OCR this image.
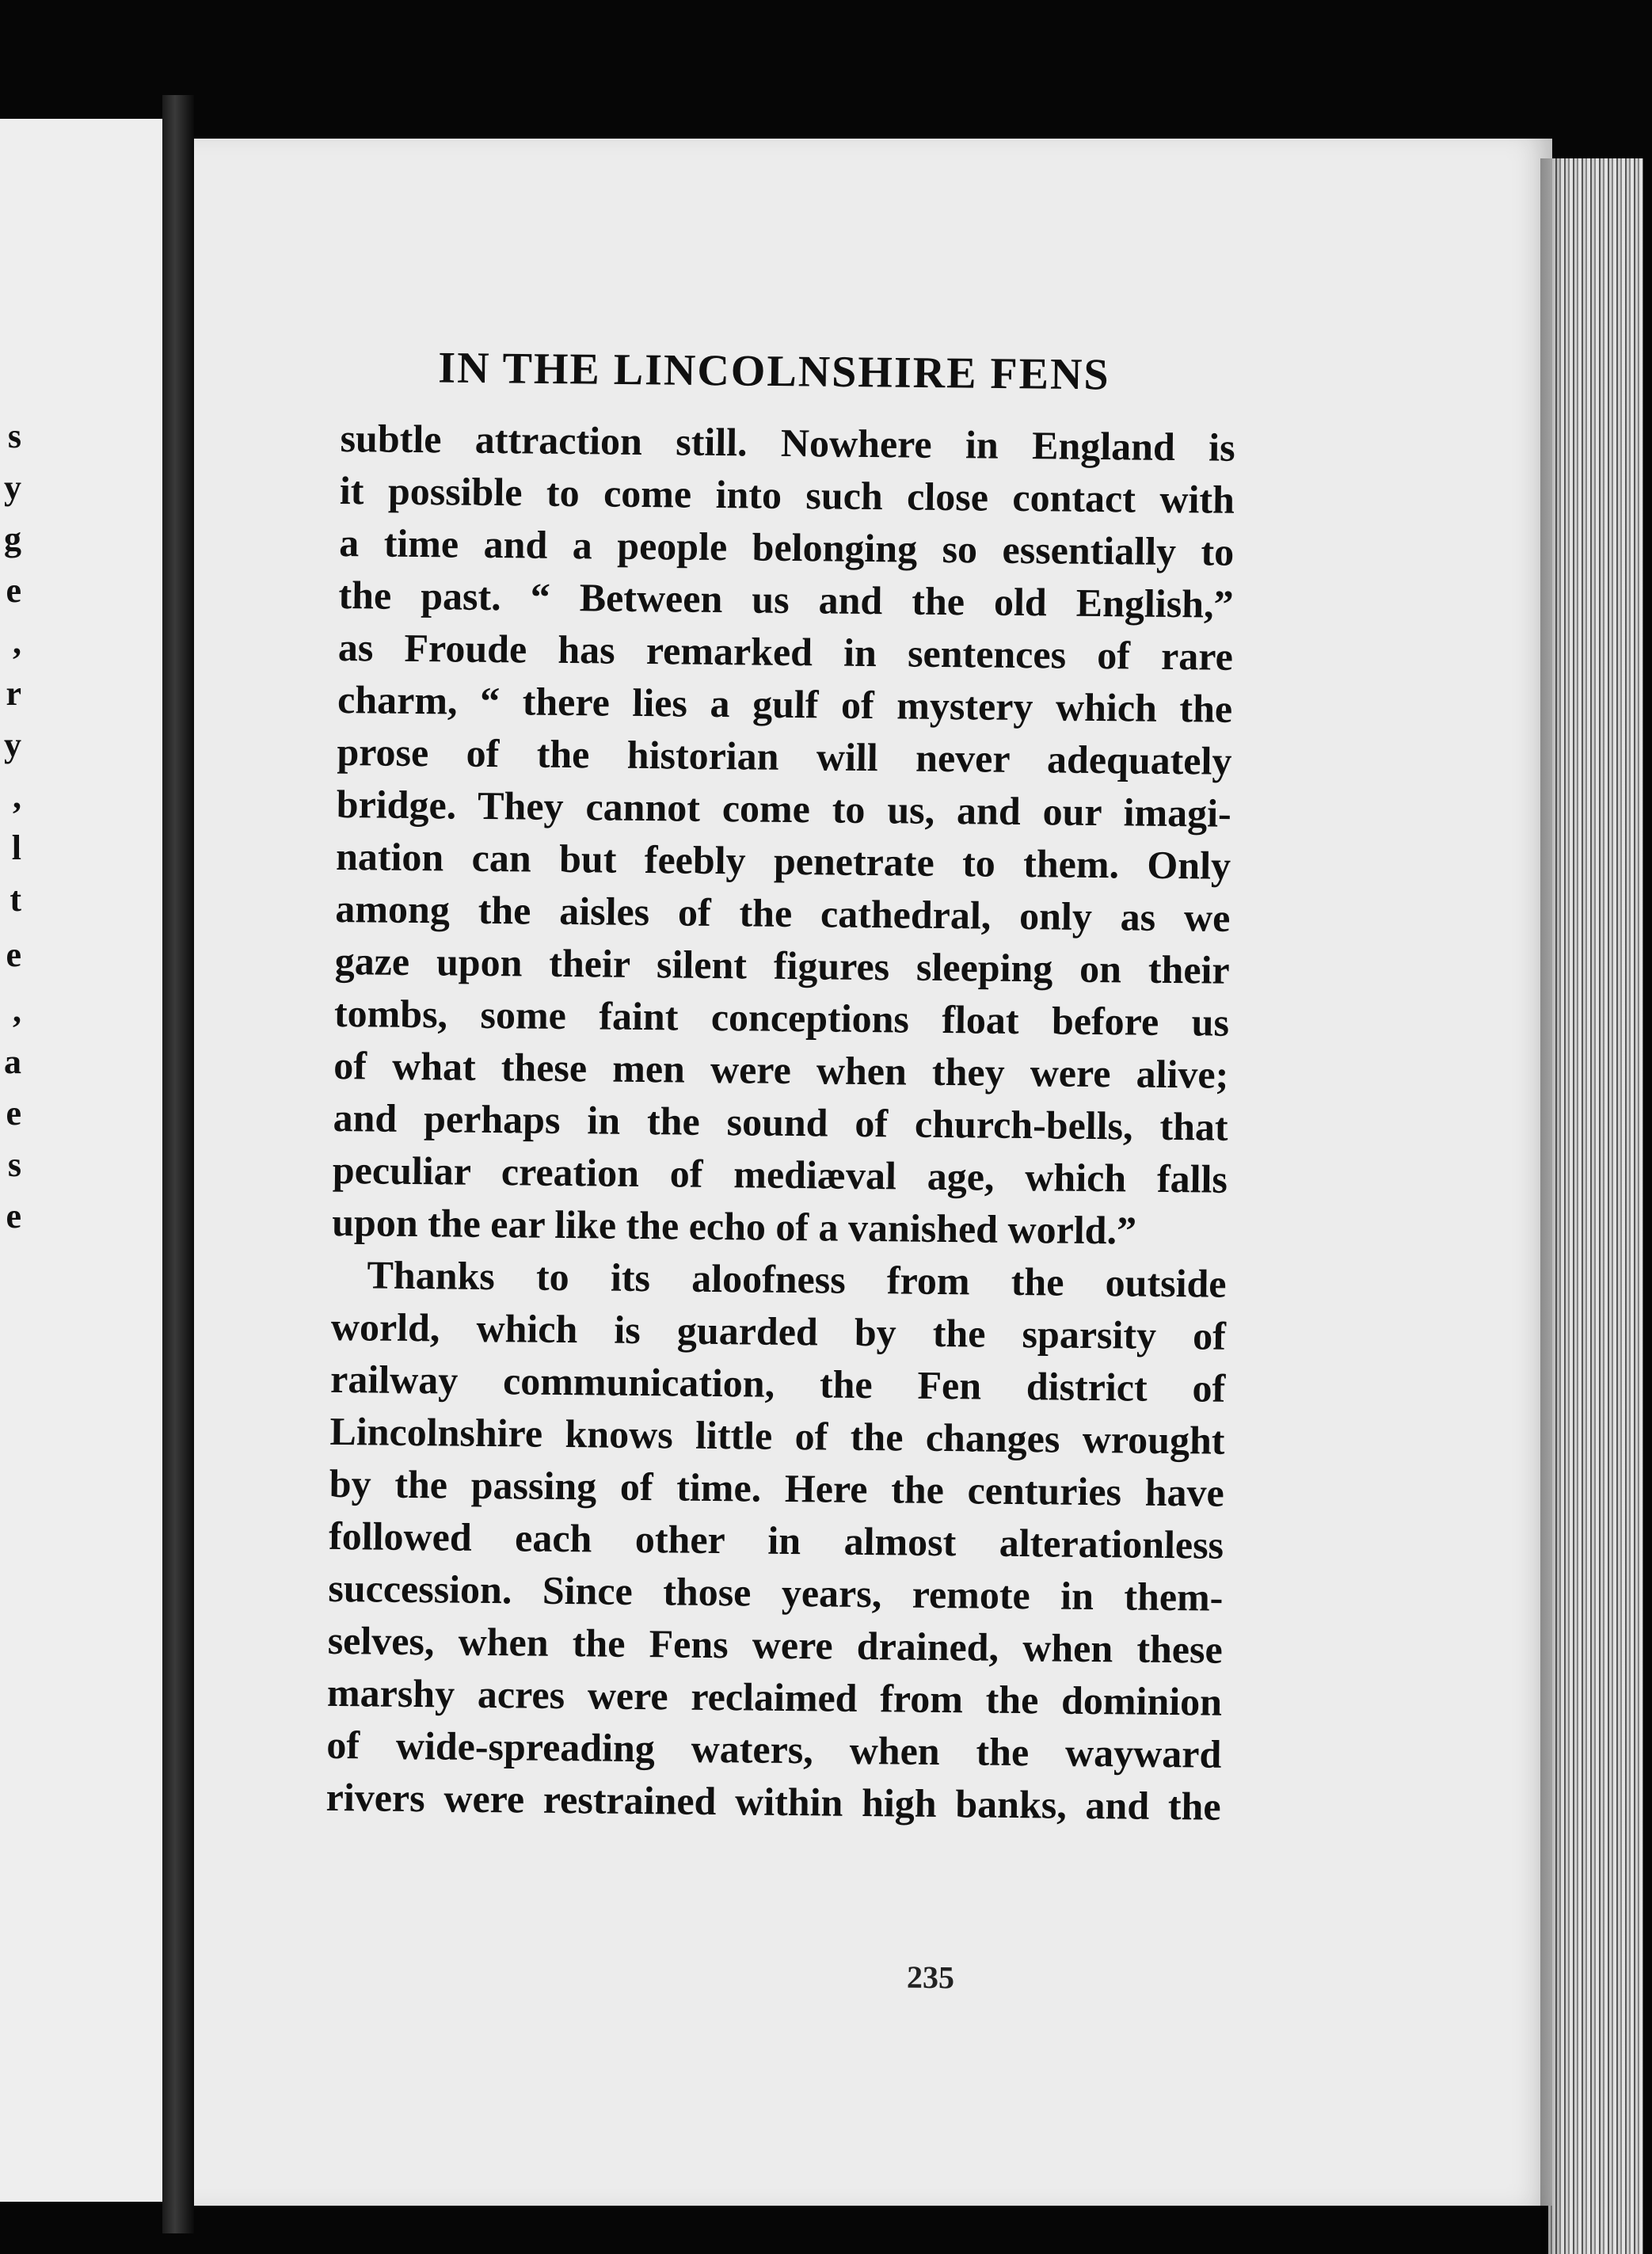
s
y
g
e
,
r
y
,
l
t
e
,
a
e
s
e
IN THE LINCOLNSHIRE FENS
subtle attraction still. Nowhere in England is
it possible to come into such close contact with
a time and a people belonging so essentially to
the past. “ Between us and the old English,”
as Froude has remarked in sentences of rare
charm, “ there lies a gulf of mystery which the
prose of the historian will never adequately
bridge. They cannot come to us, and our imagi-
nation can but feebly penetrate to them. Only
among the aisles of the cathedral, only as we
gaze upon their silent figures sleeping on their
tombs, some faint conceptions float before us
of what these men were when they were alive;
and perhaps in the sound of church-bells, that
peculiar creation of mediæval age, which falls
upon the ear like the echo of a vanished world.”
Thanks to its aloofness from the outside
world, which is guarded by the sparsity of
railway communication, the Fen district of
Lincolnshire knows little of the changes wrought
by the passing of time. Here the centuries have
followed each other in almost alterationless
succession. Since those years, remote in them-
selves, when the Fens were drained, when these
marshy acres were reclaimed from the dominion
of wide-spreading waters, when the wayward
rivers were restrained within high banks, and the
235
